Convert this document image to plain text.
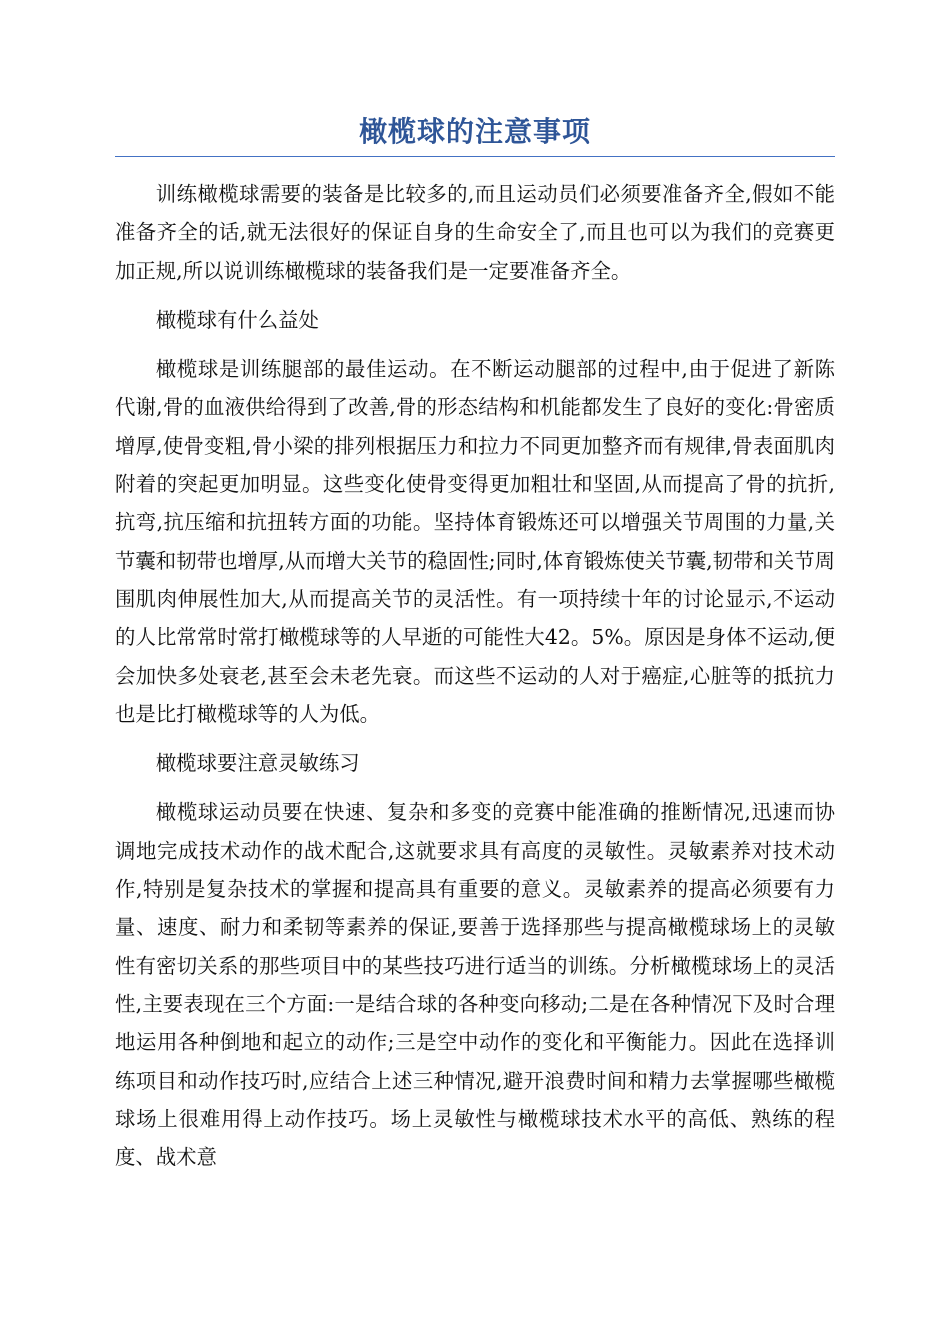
橄榄球的注意事项

训练橄榄球需要的装备是比较多的,而且运动员们必须要准备齐全,假如不能准备齐全的话,就无法很好的保证自身的生命安全了,而且也可以为我们的竞赛更加正规,所以说训练橄榄球的装备我们是一定要准备齐全。

橄榄球有什么益处

橄榄球是训练腿部的最佳运动。在不断运动腿部的过程中,由于促进了新陈代谢,骨的血液供给得到了改善,骨的形态结构和机能都发生了良好的变化:骨密质增厚,使骨变粗,骨小梁的排列根据压力和拉力不同更加整齐而有规律,骨表面肌肉附着的突起更加明显。这些变化使骨变得更加粗壮和坚固,从而提高了骨的抗折,抗弯,抗压缩和抗扭转方面的功能。坚持体育锻炼还可以增强关节周围的力量,关节囊和韧带也增厚,从而增大关节的稳固性;同时,体育锻炼使关节囊,韧带和关节周围肌肉伸展性加大,从而提高关节的灵活性。有一项持续十年的讨论显示,不运动的人比常常时常打橄榄球等的人早逝的可能性大42。5%。原因是身体不运动,便会加快多处衰老,甚至会未老先衰。而这些不运动的人对于癌症,心脏等的抵抗力也是比打橄榄球等的人为低。

橄榄球要注意灵敏练习

橄榄球运动员要在快速、复杂和多变的竞赛中能准确的推断情况,迅速而协调地完成技术动作的战术配合,这就要求具有高度的灵敏性。灵敏素养对技术动作,特别是复杂技术的掌握和提高具有重要的意义。灵敏素养的提高必须要有力量、速度、耐力和柔韧等素养的保证,要善于选择那些与提高橄榄球场上的灵敏性有密切关系的那些项目中的某些技巧进行适当的训练。分析橄榄球场上的灵活性,主要表现在三个方面:一是结合球的各种变向移动;二是在各种情况下及时合理地运用各种倒地和起立的动作;三是空中动作的变化和平衡能力。因此在选择训练项目和动作技巧时,应结合上述三种情况,避开浪费时间和精力去掌握哪些橄榄球场上很难用得上动作技巧。场上灵敏性与橄榄球技术水平的高低、熟练的程度、战术意
